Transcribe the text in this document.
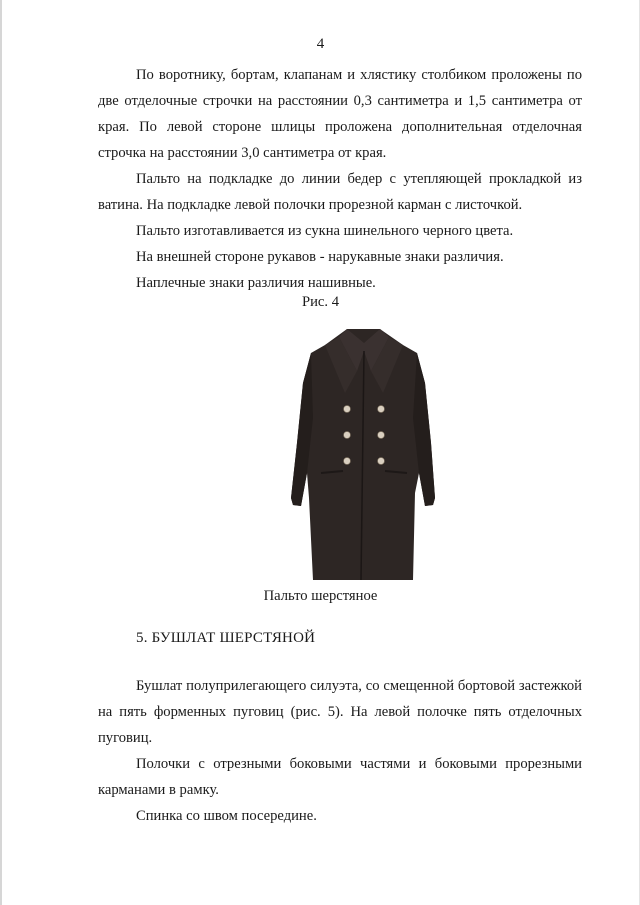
4

По воротнику, бортам, клапанам и хлястику столбиком проложены по две отделочные строчки на расстоянии 0,3 сантиметра и 1,5 сантиметра от края. По левой стороне шлицы проложена дополнительная отделочная строчка на расстоянии 3,0 сантиметра от края.

Пальто на подкладке до линии бедер с утепляющей прокладкой из ватина. На подкладке левой полочки прорезной карман с листочкой.

Пальто изготавливается из сукна шинельного черного цвета.

На внешней стороне рукавов - нарукавные знаки различия.

Наплечные знаки различия нашивные.

Рис. 4
Пальто шерстяное
5. БУШЛАТ ШЕРСТЯНОЙ

Бушлат полуприлегающего силуэта, со смещенной бортовой застежкой на пять форменных пуговиц (рис. 5). На левой полочке пять отделочных пуговиц.

Полочки с отрезными боковыми частями и боковыми прорезными карманами в рамку.

Спинка со швом посередине.
